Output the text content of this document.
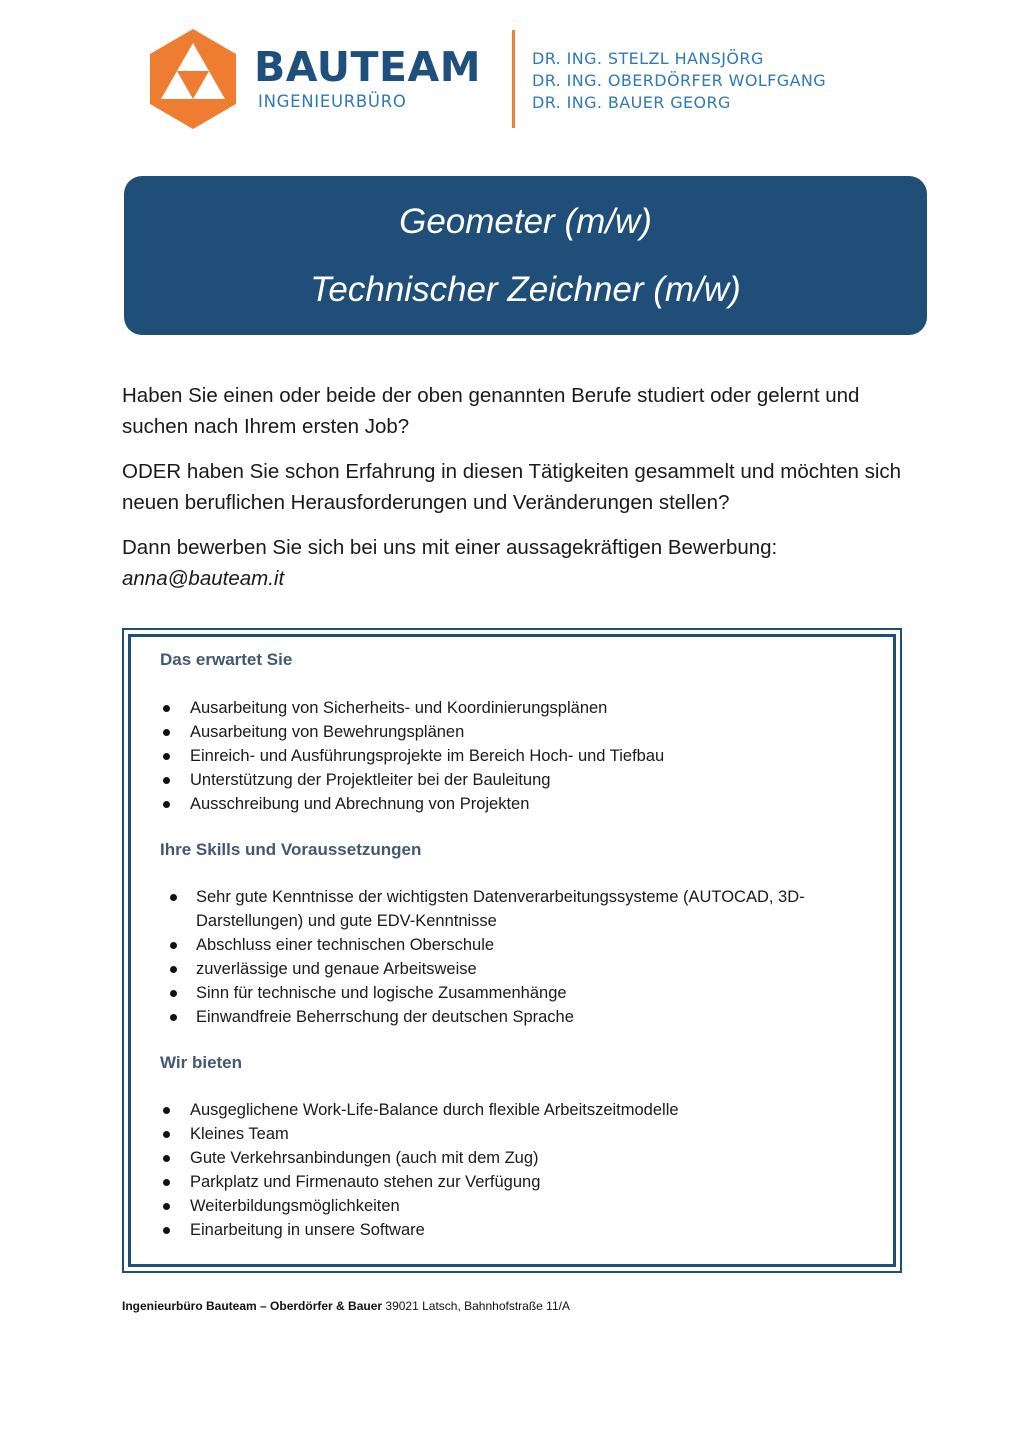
BAUTEAM
INGENIEURBÜRO
DR. ING. STELZL HANSJÖRG
DR. ING. OBERDÖRFER WOLFGANG
DR. ING. BAUER GEORG
Geometer (m/w)
Technischer Zeichner (m/w)

Haben Sie einen oder beide der oben genannten Berufe studiert oder gelernt und suchen nach Ihrem ersten Job?

ODER haben Sie schon Erfahrung in diesen Tätigkeiten gesammelt und möchten sich neuen beruflichen Herausforderungen und Veränderungen stellen?

Dann bewerben Sie sich bei uns mit einer aussagekräftigen Bewerbung:
anna@bauteam.it

Das erwartet Sie
Ausarbeitung von Sicherheits- und Koordinierungsplänen
Ausarbeitung von Bewehrungsplänen
Einreich- und Ausführungsprojekte im Bereich Hoch- und Tiefbau
Unterstützung der Projektleiter bei der Bauleitung
Ausschreibung und Abrechnung von Projekten
Ihre Skills und Voraussetzungen
Sehr gute Kenntnisse der wichtigsten Datenverarbeitungssysteme (AUTOCAD, 3D-Darstellungen) und gute EDV-Kenntnisse
Abschluss einer technischen Oberschule
zuverlässige und genaue Arbeitsweise
Sinn für technische und logische Zusammenhänge
Einwandfreie Beherrschung der deutschen Sprache
Wir bieten
Ausgeglichene Work-Life-Balance durch flexible Arbeitszeitmodelle
Kleines Team
Gute Verkehrsanbindungen (auch mit dem Zug)
Parkplatz und Firmenauto stehen zur Verfügung
Weiterbildungsmöglichkeiten
Einarbeitung in unsere Software
Ingenieurbüro Bauteam – Oberdörfer & Bauer 39021 Latsch, Bahnhofstraße 11/A
